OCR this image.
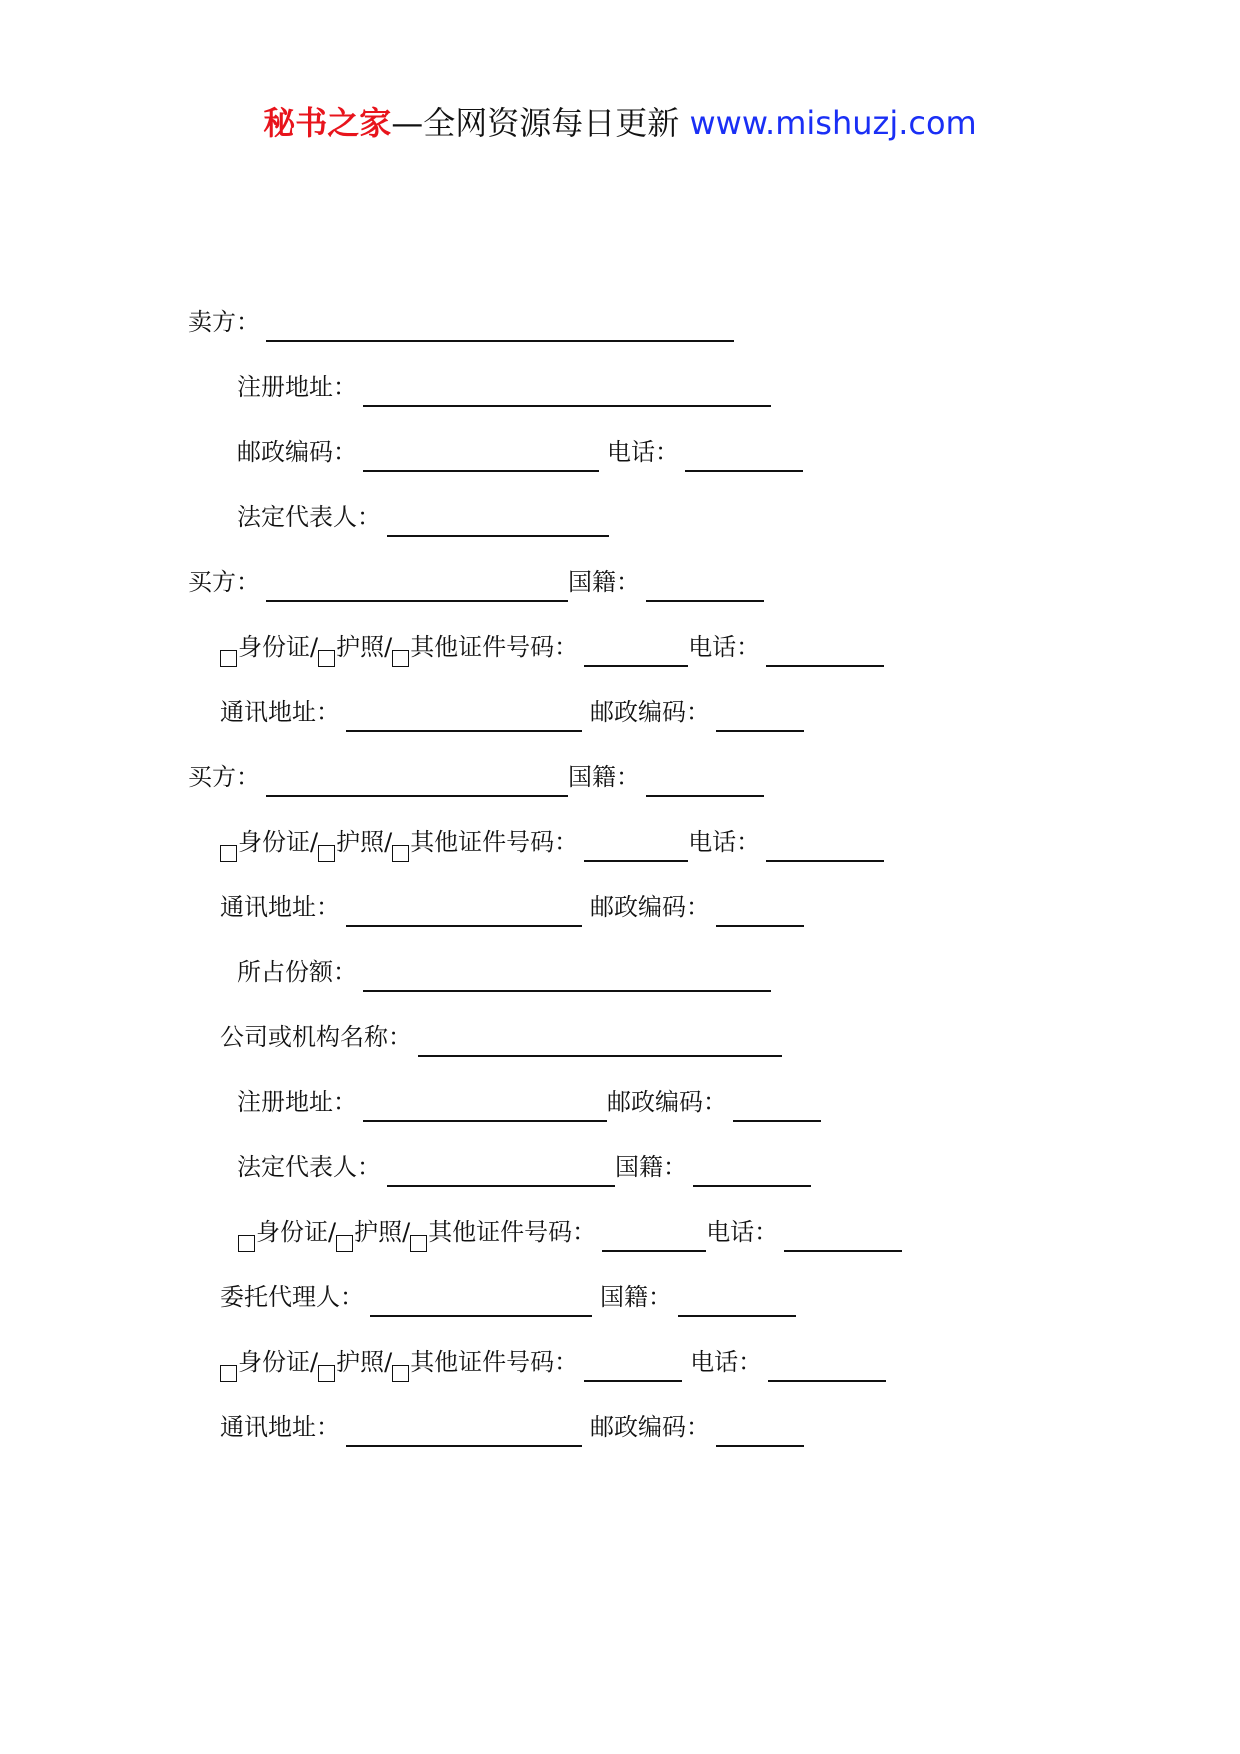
秘书之家—全网资源每日更新 www.mishuzj.com
卖方：
注册地址：
邮政编码：	电话：
法定代表人：
买方：	国籍：
身份证/ 护照/ 其他证件号码：	电话：
通讯地址：	邮政编码：
买方：	国籍：
身份证/ 护照/ 其他证件号码：	电话：
通讯地址：	邮政编码：
所占份额：
公司或机构名称：
注册地址：	邮政编码：
法定代表人：	国籍：
身份证/ 护照/ 其他证件号码：	电话：
委托代理人：	国籍：
身份证/ 护照/ 其他证件号码：	电话：
通讯地址：	邮政编码：
